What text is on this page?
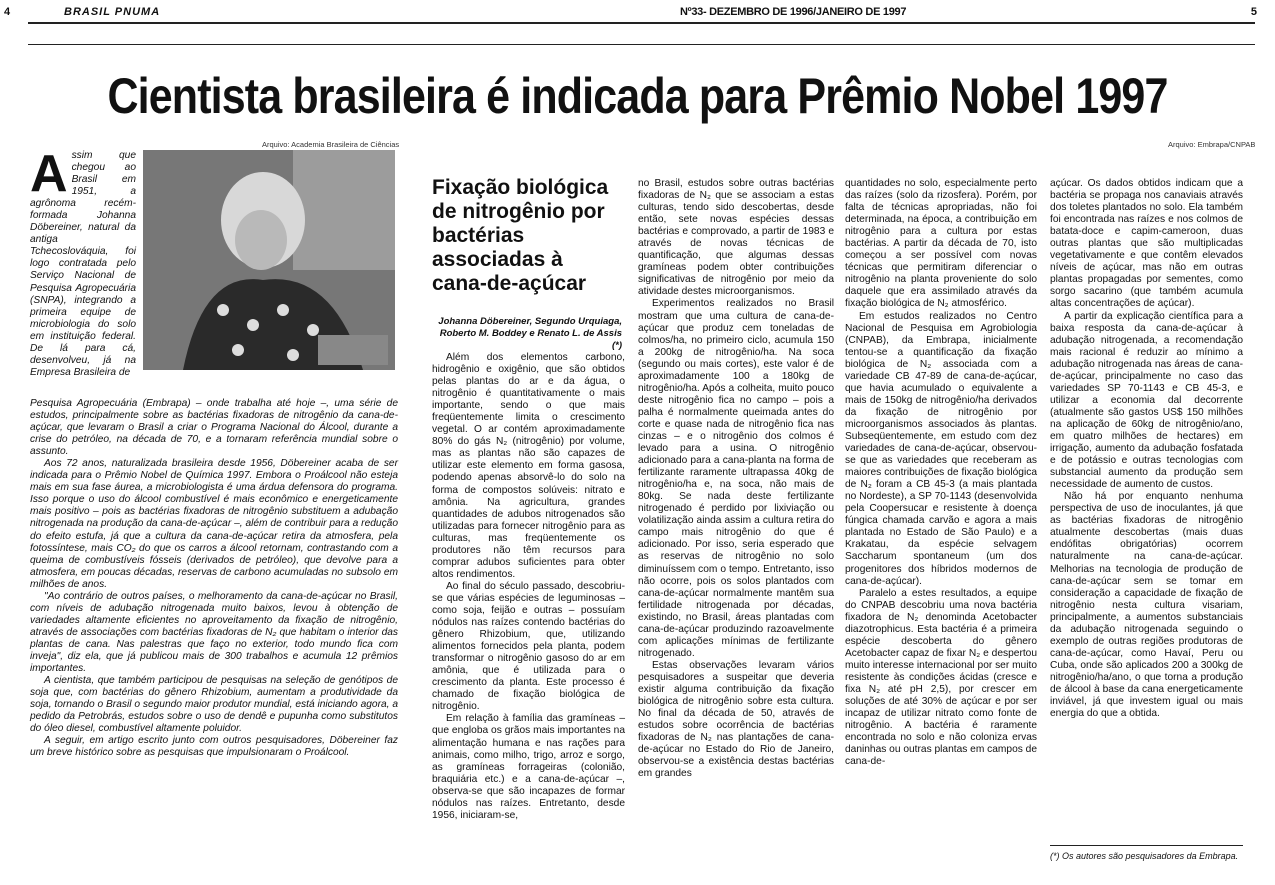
4	BRASIL PNUMA	Nº33- DEZEMBRO DE 1996/JANEIRO DE 1997	5
Cientista brasileira é indicada para Prêmio Nobel 1997
Arquivo: Academia Brasileira de Ciências	Arquivo: Embrapa/CNPAB
Assim que chegou ao Brasil em 1951, a agrônoma recém-formada Johanna Döbereiner, natural da antiga Tchecoslováquia, foi logo contratada pelo Serviço Nacional de Pesquisa Agropecuária (SNPA), integrando a primeira equipe de microbiologia do solo em instituição federal. De lá para cá, desenvolveu, já na Empresa Brasileira de

Pesquisa Agropecuária (Embrapa) – onde trabalha até hoje –, uma série de estudos, principalmente sobre as bactérias fixadoras de nitrogênio da cana-de-açúcar, que levaram o Brasil a criar o Programa Nacional do Álcool, durante a crise do petróleo, na década de 70, e a tornaram referência mundial sobre o assunto.

Aos 72 anos, naturalizada brasileira desde 1956, Döbereiner acaba de ser indicada para o Prêmio Nobel de Química 1997. Embora o Proálcool não esteja mais em sua fase áurea, a microbiologista é uma árdua defensora do programa. Isso porque o uso do álcool combustível é mais econômico e energeticamente mais positivo – pois as bactérias fixadoras de nitrogênio substituem a adubação nitrogenada na produção da cana-de-açúcar –, além de contribuir para a redução do efeito estufa, já que a cultura da cana-de-açúcar retira da atmosfera, pela fotossíntese, mais CO₂ do que os carros a álcool retornam, contrastando com a queima de combustíveis fósseis (derivados de petróleo), que devolve para a atmosfera, em poucas décadas, reservas de carbono acumuladas no subsolo em milhões de anos.

"Ao contrário de outros países, o melhoramento da cana-de-açúcar no Brasil, com níveis de adubação nitrogenada muito baixos, levou à obtenção de variedades altamente eficientes no aproveitamento da fixação de nitrogênio, através de associações com bactérias fixadoras de N₂ que habitam o interior das plantas de cana. Nas palestras que faço no exterior, todo mundo fica com inveja", diz ela, que já publicou mais de 300 trabalhos e acumula 12 prêmios importantes.

A cientista, que também participou de pesquisas na seleção de genótipos de soja que, com bactérias do gênero Rhizobium, aumentam a produtividade da soja, tornando o Brasil o segundo maior produtor mundial, está iniciando agora, a pedido da Petrobrás, estudos sobre o uso de dendê e pupunha como substitutos do óleo diesel, combustível altamente poluidor.

A seguir, em artigo escrito junto com outros pesquisadores, Döbereiner faz um breve histórico sobre as pesquisas que impulsionaram o Proálcool.

Fixação biológica de nitrogênio por bactérias associadas à cana-de-açúcar
Johanna Döbereiner, Segundo Urquiaga, Roberto M. Boddey e Renato L. de Assis (*)

Além dos elementos carbono, hidrogênio e oxigênio, que são obtidos pelas plantas do ar e da água, o nitrogênio é quantitativamente o mais importante, sendo o que mais freqüentemente limita o crescimento vegetal. O ar contém aproximadamente 80% do gás N₂ (nitrogênio) por volume, mas as plantas não são capazes de utilizar este elemento em forma gasosa, podendo apenas absorvê-lo do solo na forma de compostos solúveis: nitrato e amônia. Na agricultura, grandes quantidades de adubos nitrogenados são utilizadas para fornecer nitrogênio para as culturas, mas freqüentemente os produtores não têm recursos para comprar adubos suficientes para obter altos rendimentos.

Ao final do século passado, descobriu-se que várias espécies de leguminosas – como soja, feijão e outras – possuíam nódulos nas raízes contendo bactérias do gênero Rhizobium, que, utilizando alimentos fornecidos pela planta, podem transformar o nitrogênio gasoso do ar em amônia, que é utilizada para o crescimento da planta. Este processo é chamado de fixação biológica de nitrogênio.

Em relação à família das gramíneas – que engloba os grãos mais importantes na alimentação humana e nas rações para animais, como milho, trigo, arroz e sorgo, as gramíneas forrageiras (colonião, braquiária etc.) e a cana-de-açúcar –, observa-se que são incapazes de formar nódulos nas raízes. Entretanto, desde 1956, iniciaram-se,

no Brasil, estudos sobre outras bactérias fixadoras de N₂ que se associam a estas culturas, tendo sido descobertas, desde então, sete novas espécies dessas bactérias e comprovado, a partir de 1983 e através de novas técnicas de quantificação, que algumas dessas gramíneas podem obter contribuições significativas de nitrogênio por meio da atividade destes microorganismos.

Experimentos realizados no Brasil mostram que uma cultura de cana-de-açúcar que produz cem toneladas de colmos/ha, no primeiro ciclo, acumula 150 a 200kg de nitrogênio/ha. Na soca (segundo ou mais cortes), este valor é de aproximadamente 100 a 180kg de nitrogênio/ha. Após a colheita, muito pouco deste nitrogênio fica no campo – pois a palha é normalmente queimada antes do corte e quase nada de nitrogênio fica nas cinzas – e o nitrogênio dos colmos é levado para a usina. O nitrogênio adicionado para a cana-planta na forma de fertilizante raramente ultrapassa 40kg de nitrogênio/ha e, na soca, não mais de 80kg. Se nada deste fertilizante nitrogenado é perdido por lixiviação ou volatilização ainda assim a cultura retira do campo mais nitrogênio do que é adicionado. Por isso, seria esperado que as reservas de nitrogênio no solo diminuíssem com o tempo. Entretanto, isso não ocorre, pois os solos plantados com cana-de-açúcar normalmente mantêm sua fertilidade nitrogenada por décadas, existindo, no Brasil, áreas plantadas com cana-de-açúcar produzindo razoavelmente com aplicações mínimas de fertilizante nitrogenado.

Estas observações levaram vários pesquisadores a suspeitar que deveria existir alguma contribuição da fixação biológica de nitrogênio sobre esta cultura. No final da década de 50, através de estudos sobre ocorrência de bactérias fixadoras de N₂ nas plantações de cana-de-açúcar no Estado do Rio de Janeiro, observou-se a existência destas bactérias em grandes

quantidades no solo, especialmente perto das raízes (solo da rizosfera). Porém, por falta de técnicas apropriadas, não foi determinada, na época, a contribuição em nitrogênio para a cultura por estas bactérias. A partir da década de 70, isto começou a ser possível com novas técnicas que permitiram diferenciar o nitrogênio na planta proveniente do solo daquele que era assimilado através da fixação biológica de N₂ atmosférico.

Em estudos realizados no Centro Nacional de Pesquisa em Agrobiologia (CNPAB), da Embrapa, inicialmente tentou-se a quantificação da fixação biológica de N₂ associada com a variedade CB 47-89 de cana-de-açúcar, que havia acumulado o equivalente a mais de 150kg de nitrogênio/ha derivados da fixação de nitrogênio por microorganismos associados às plantas. Subseqüentemente, em estudo com dez variedades de cana-de-açúcar, observou-se que as variedades que receberam as maiores contribuições de fixação biológica de N₂ foram a CB 45-3 (a mais plantada no Nordeste), a SP 70-1143 (desenvolvida pela Coopersucar e resistente à doença fúngica chamada carvão e agora a mais plantada no Estado de São Paulo) e a Krakatau, da espécie selvagem Saccharum spontaneum (um dos progenitores dos híbridos modernos de cana-de-açúcar).

Paralelo a estes resultados, a equipe do CNPAB descobriu uma nova bactéria fixadora de N₂ denominda Acetobacter diazotrophicus. Esta bactéria é a primeira espécie descoberta do gênero Acetobacter capaz de fixar N₂ e despertou muito interesse internacional por ser muito resistente às condições ácidas (cresce e fixa N₂ até pH 2,5), por crescer em soluções de até 30% de açúcar e por ser incapaz de utilizar nitrato como fonte de nitrogênio. A bactéria é raramente encontrada no solo e não coloniza ervas daninhas ou outras plantas em campos de cana-de-

açúcar. Os dados obtidos indicam que a bactéria se propaga nos canaviais através dos toletes plantados no solo. Ela também foi encontrada nas raízes e nos colmos de batata-doce e capim-cameroon, duas outras plantas que são multiplicadas vegetativamente e que contêm elevados níveis de açúcar, mas não em outras plantas propagadas por sementes, como sorgo sacarino (que também acumula altas concentrações de açúcar).

A partir da explicação científica para a baixa resposta da cana-de-açúcar à adubação nitrogenada, a recomendação mais racional é reduzir ao mínimo a adubação nitrogenada nas áreas de cana-de-açúcar, principalmente no caso das variedades SP 70-1143 e CB 45-3, e utilizar a economia dal decorrente (atualmente são gastos US$ 150 milhões na aplicação de 60kg de nitrogênio/ano, em quatro milhões de hectares) em irrigação, aumento da adubação fosfatada e de potássio e outras tecnologias com substancial aumento da produção sem necessidade de aumento de custos.

Não há por enquanto nenhuma perspectiva de uso de inoculantes, já que as bactérias fixadoras de nitrogênio atualmente descobertas (mais duas endófitas obrigatórias) ocorrem naturalmente na cana-de-açúcar. Melhorias na tecnologia de produção de cana-de-açúcar sem se tomar em consideração a capacidade de fixação de nitrogênio nesta cultura visariam, principalmente, a aumentos substanciais da adubação nitrogenada seguindo o exemplo de outras regiões produtoras de cana-de-açúcar, como Havaí, Peru ou Cuba, onde são aplicados 200 a 300kg de nitrogênio/ha/ano, o que torna a produção de álcool à base da cana energeticamente inviável, já que investem igual ou mais energia do que a obtida.

(*) Os autores são pesquisadores da Embrapa.
